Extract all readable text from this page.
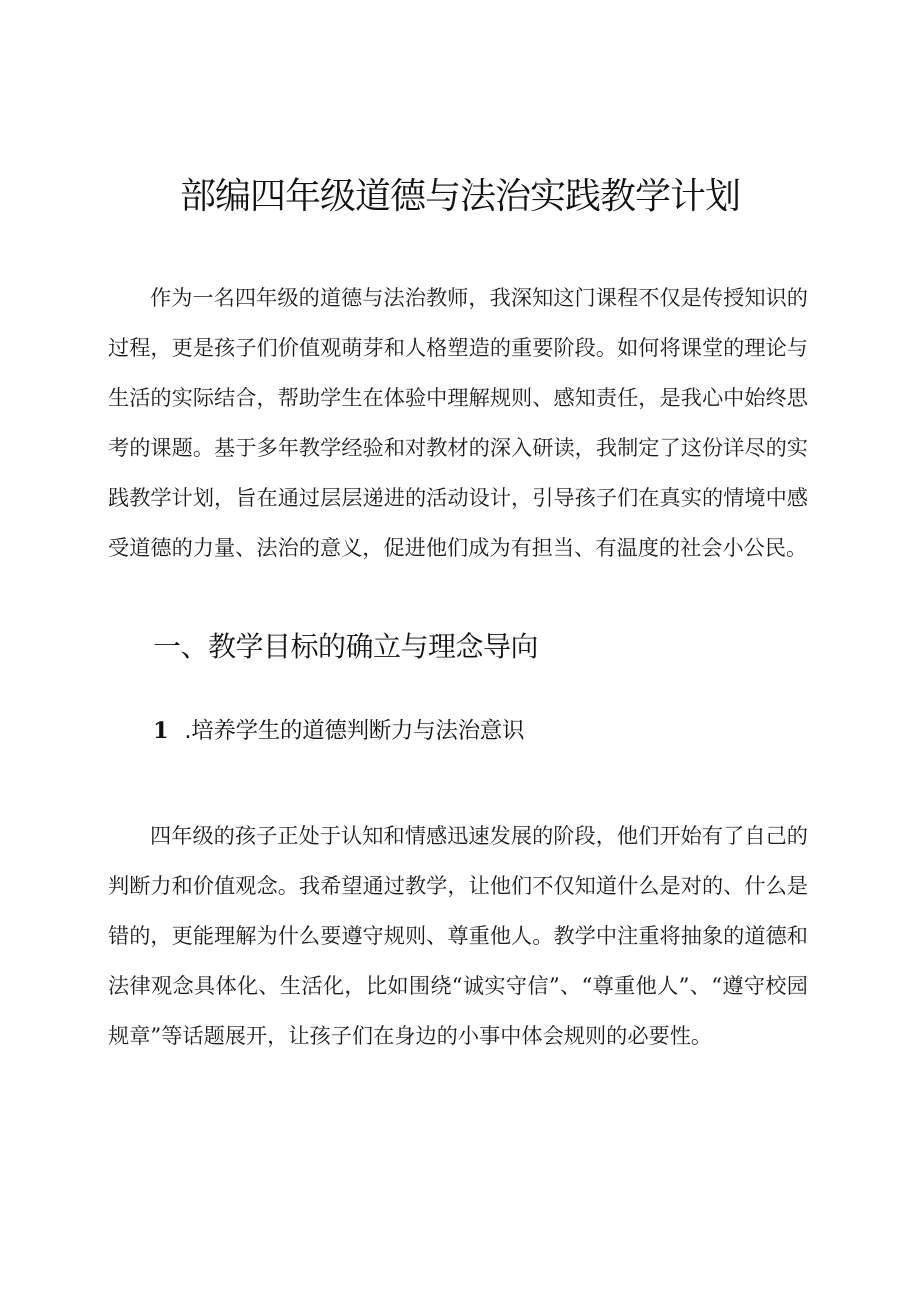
部编四年级道德与法治实践教学计划

作为一名四年级的道德与法治教师，我深知这门课程不仅是传授知识的过程，更是孩子们价值观萌芽和人格塑造的重要阶段。如何将课堂的理论与生活的实际结合，帮助学生在体验中理解规则、感知责任，是我心中始终思考的课题。基于多年教学经验和对教材的深入研读，我制定了这份详尽的实践教学计划，旨在通过层层递进的活动设计，引导孩子们在真实的情境中感受道德的力量、法治的意义，促进他们成为有担当、有温度的社会小公民。

一、教学目标的确立与理念导向
1 .培养学生的道德判断力与法治意识

四年级的孩子正处于认知和情感迅速发展的阶段，他们开始有了自己的判断力和价值观念。我希望通过教学，让他们不仅知道什么是对的、什么是错的，更能理解为什么要遵守规则、尊重他人。教学中注重将抽象的道德和法律观念具体化、生活化，比如围绕“诚实守信”、“尊重他人”、“遵守校园规章”等话题展开，让孩子们在身边的小事中体会规则的必要性。
